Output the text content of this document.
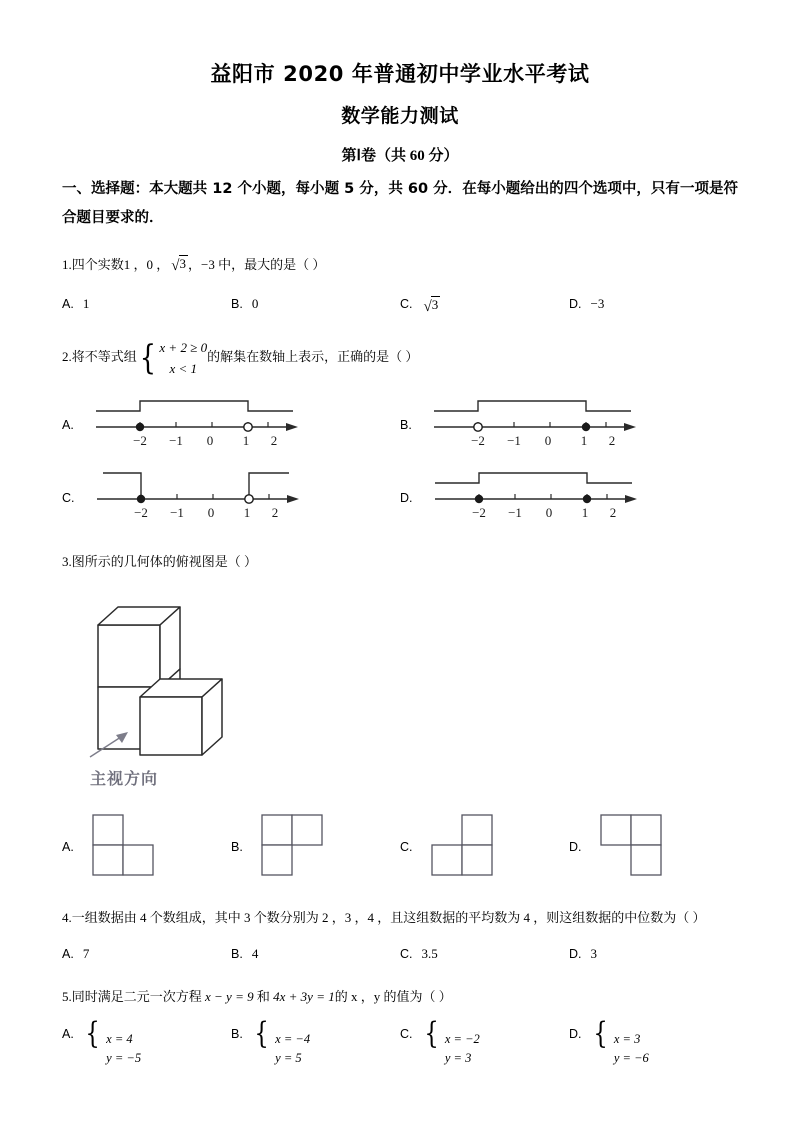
益阳市 2020 年普通初中学业水平考试
数学能力测试
第Ⅰ卷（共 60 分）
一、选择题：本大题共 12 个小题，每小题 5 分，共 60 分．在每小题给出的四个选项中，只有一项是符合题目要求的．
1.四个实数1 ，0 ， √3 ，−3 中，最大的是（ ）
A. 1	B. 0	C. √3	D. −3
2.将不等式组 { x + 2 ≥ 0
x < 1
的解集在数轴上表示，正确的是（ ）
A.
−2 −1 0 1 2
B.
−2 −1 0 1 2
C.
−2 −1 0 1 2
D.
−2 −1 0 1 2
3.图所示的几何体的俯视图是（ ）
主视方向
A.	B.	C.	D.
4.一组数据由 4 个数组成，其中 3 个数分别为 2 ，3 ，4 ，且这组数据的平均数为 4 ，则这组数据的中位数为（ ）
A. 7	B. 4	C. 3.5	D. 3
5.同时满足二元一次方程 x − y = 9 和 4x + 3y = 1的 x ，y 的值为（ ）
A. { x = 4
y = −5
B. { x = −4
y = 5
C. { x = −2
y = 3
D. { x = 3
y = −6
